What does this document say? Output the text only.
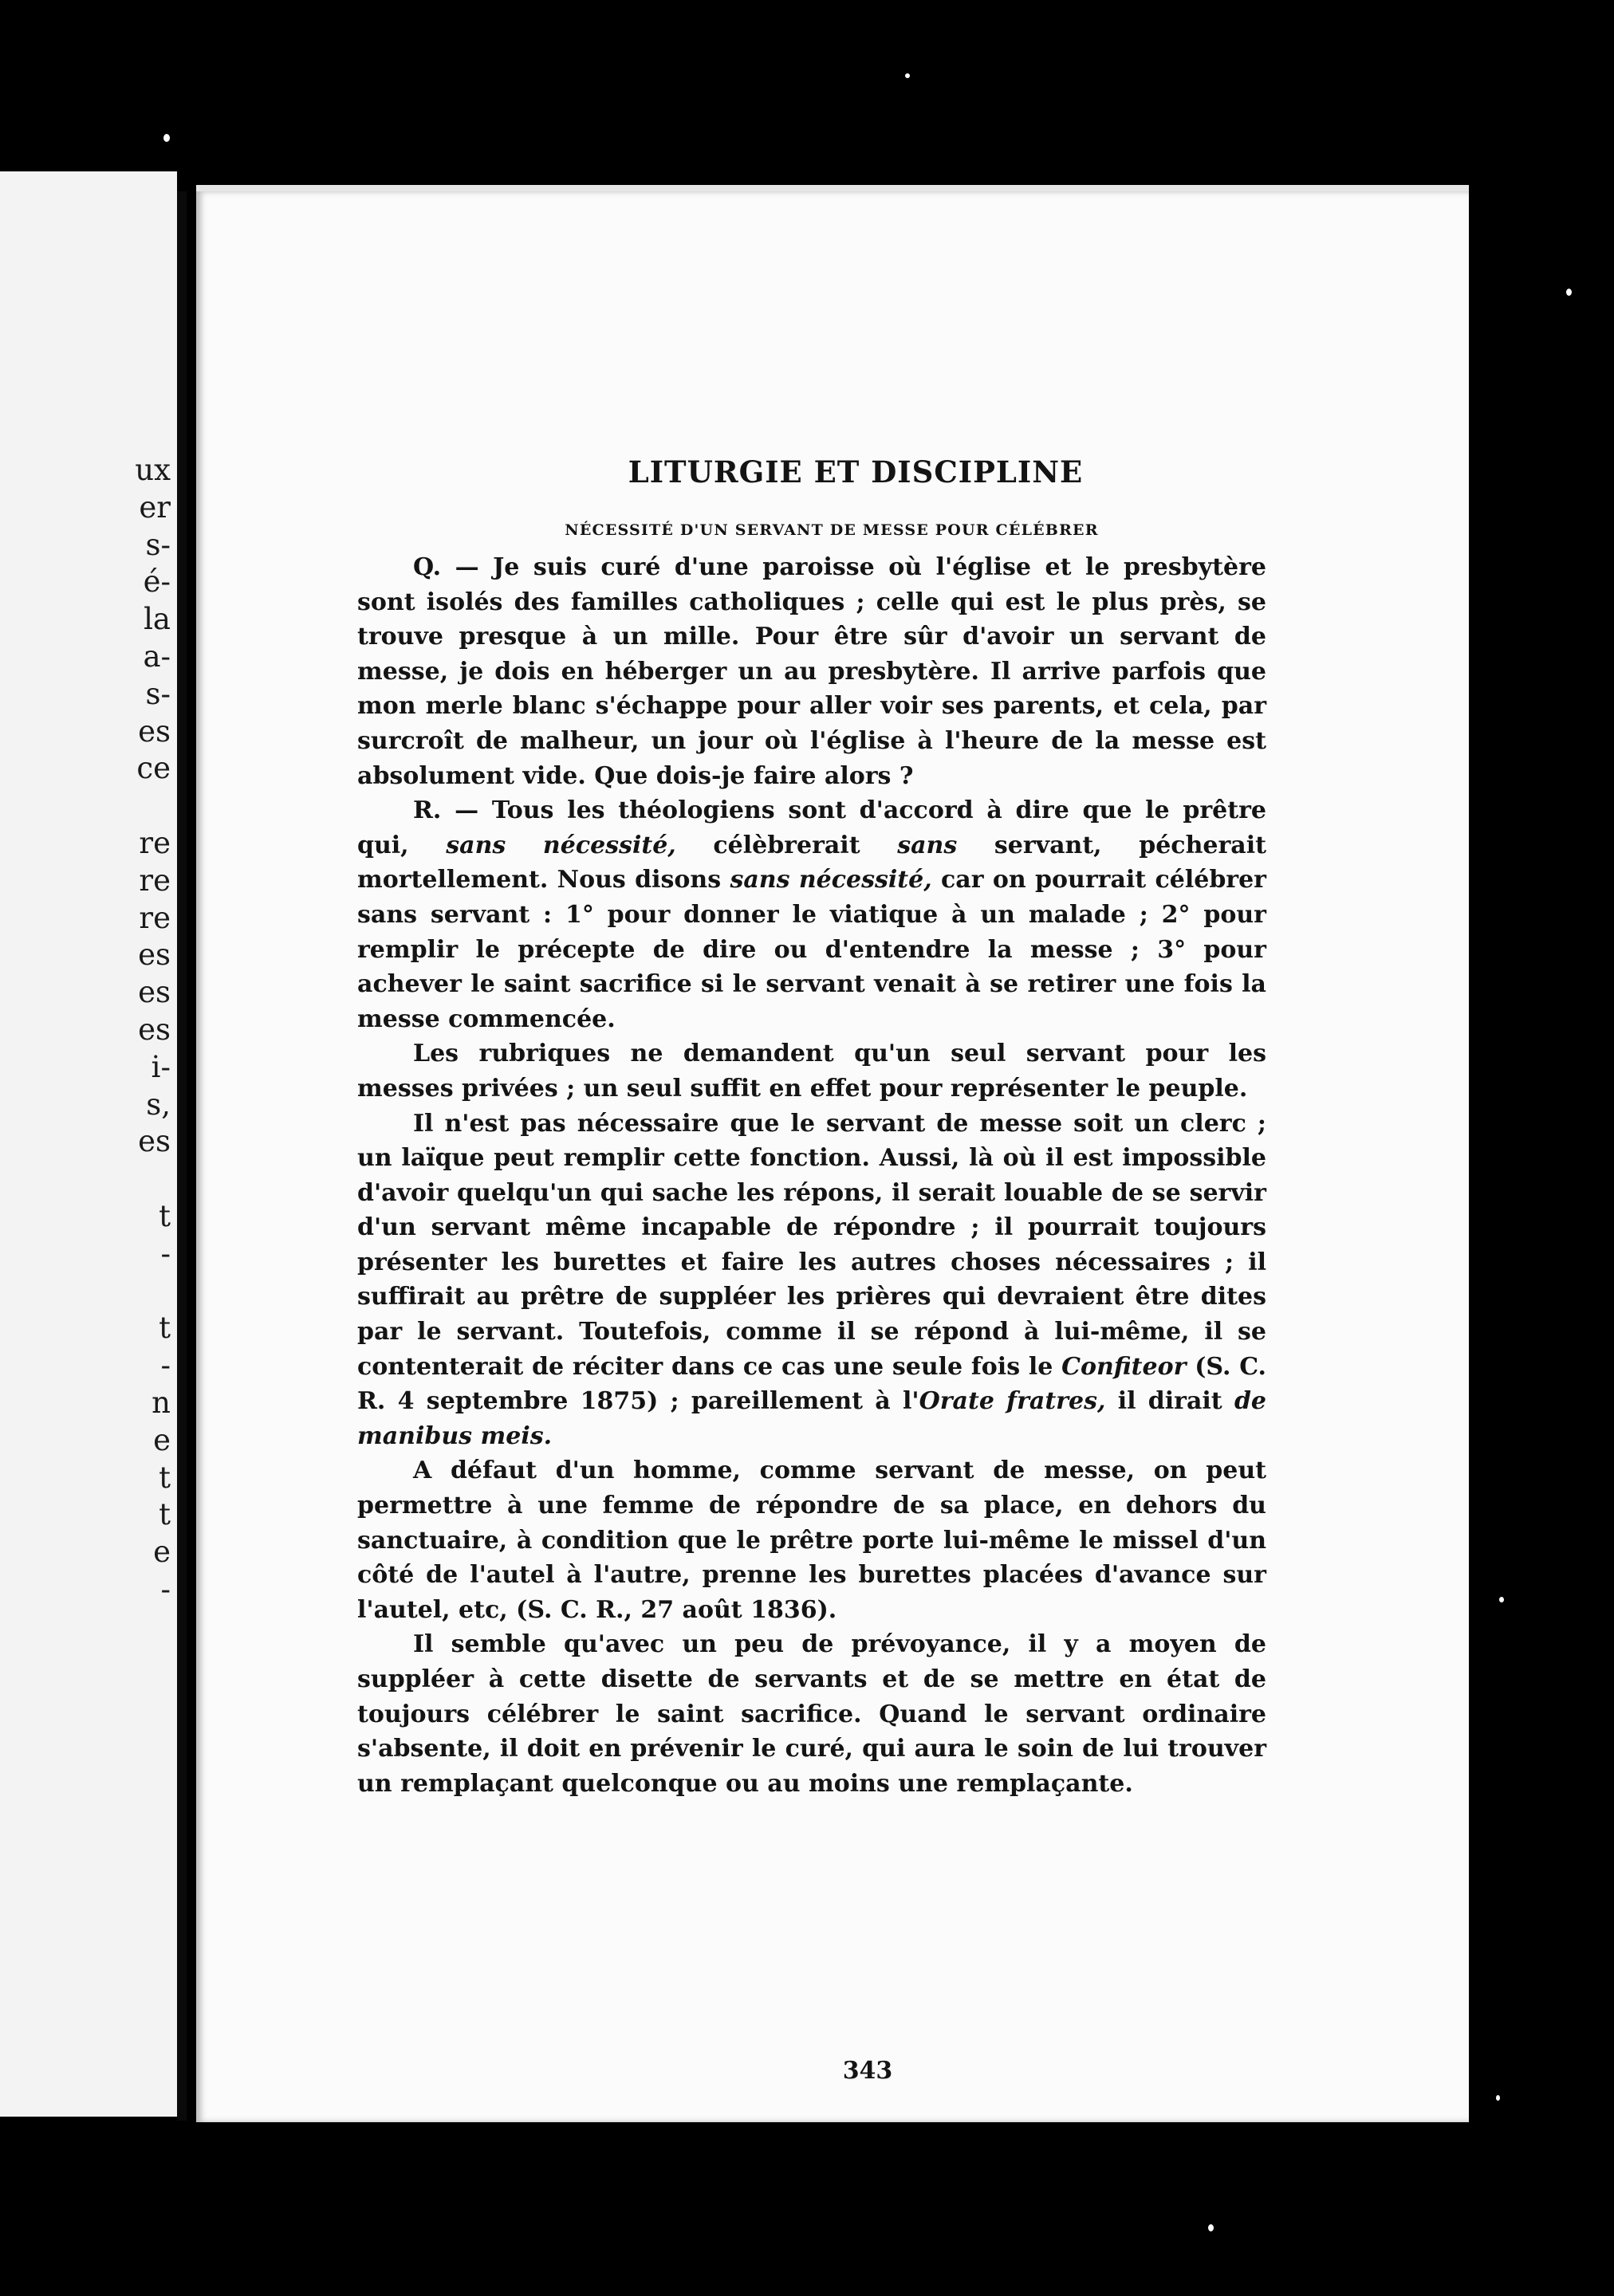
ux
er
s-
é-
la
a-
s-
es
ce
re
re
re
es
es
es
i-
s,
es
t
-
t
-
n
e
t
t
e
-
LITURGIE ET DISCIPLINE
NÉCESSITÉ D'UN SERVANT DE MESSE POUR CÉLÉBRER

Q. — Je suis curé d'une paroisse où l'église et le presbytère sont isolés des familles catholiques ; celle qui est le plus près, se trouve presque à un mille. Pour être sûr d'avoir un servant de messe, je dois en héberger un au presbytère. Il arrive parfois que mon merle blanc s'échappe pour aller voir ses parents, et cela, par surcroît de malheur, un jour où l'église à l'heure de la messe est absolument vide. Que dois-je faire alors ?

R. — Tous les théologiens sont d'accord à dire que le prêtre qui, sans nécessité, célèbrerait sans servant, pécherait mortellement. Nous disons sans nécessité, car on pourrait célébrer sans servant : 1° pour donner le viatique à un malade ; 2° pour remplir le précepte de dire ou d'entendre la messe ; 3° pour achever le saint sacrifice si le servant venait à se retirer une fois la messe commencée.

Les rubriques ne demandent qu'un seul servant pour les messes privées ; un seul suffit en effet pour représenter le peuple.

Il n'est pas nécessaire que le servant de messe soit un clerc ; un laïque peut remplir cette fonction. Aussi, là où il est impossible d'avoir quelqu'un qui sache les répons, il serait louable de se servir d'un servant même incapable de répondre ; il pourrait toujours présenter les burettes et faire les autres choses nécessaires ; il suffirait au prêtre de suppléer les prières qui devraient être dites par le servant. Toutefois, comme il se répond à lui-même, il se contenterait de réciter dans ce cas une seule fois le Confiteor (S. C. R. 4 septembre 1875) ; pareillement à l'Orate fratres, il dirait de manibus meis.

A défaut d'un homme, comme servant de messe, on peut permettre à une femme de répondre de sa place, en dehors du sanctuaire, à condition que le prêtre porte lui-même le missel d'un côté de l'autel à l'autre, prenne les burettes placées d'avance sur l'autel, etc, (S. C. R., 27 août 1836).

Il semble qu'avec un peu de prévoyance, il y a moyen de suppléer à cette disette de servants et de se mettre en état de toujours célébrer le saint sacrifice. Quand le servant ordinaire s'absente, il doit en prévenir le curé, qui aura le soin de lui trouver un remplaçant quelconque ou au moins une remplaçante.

343
